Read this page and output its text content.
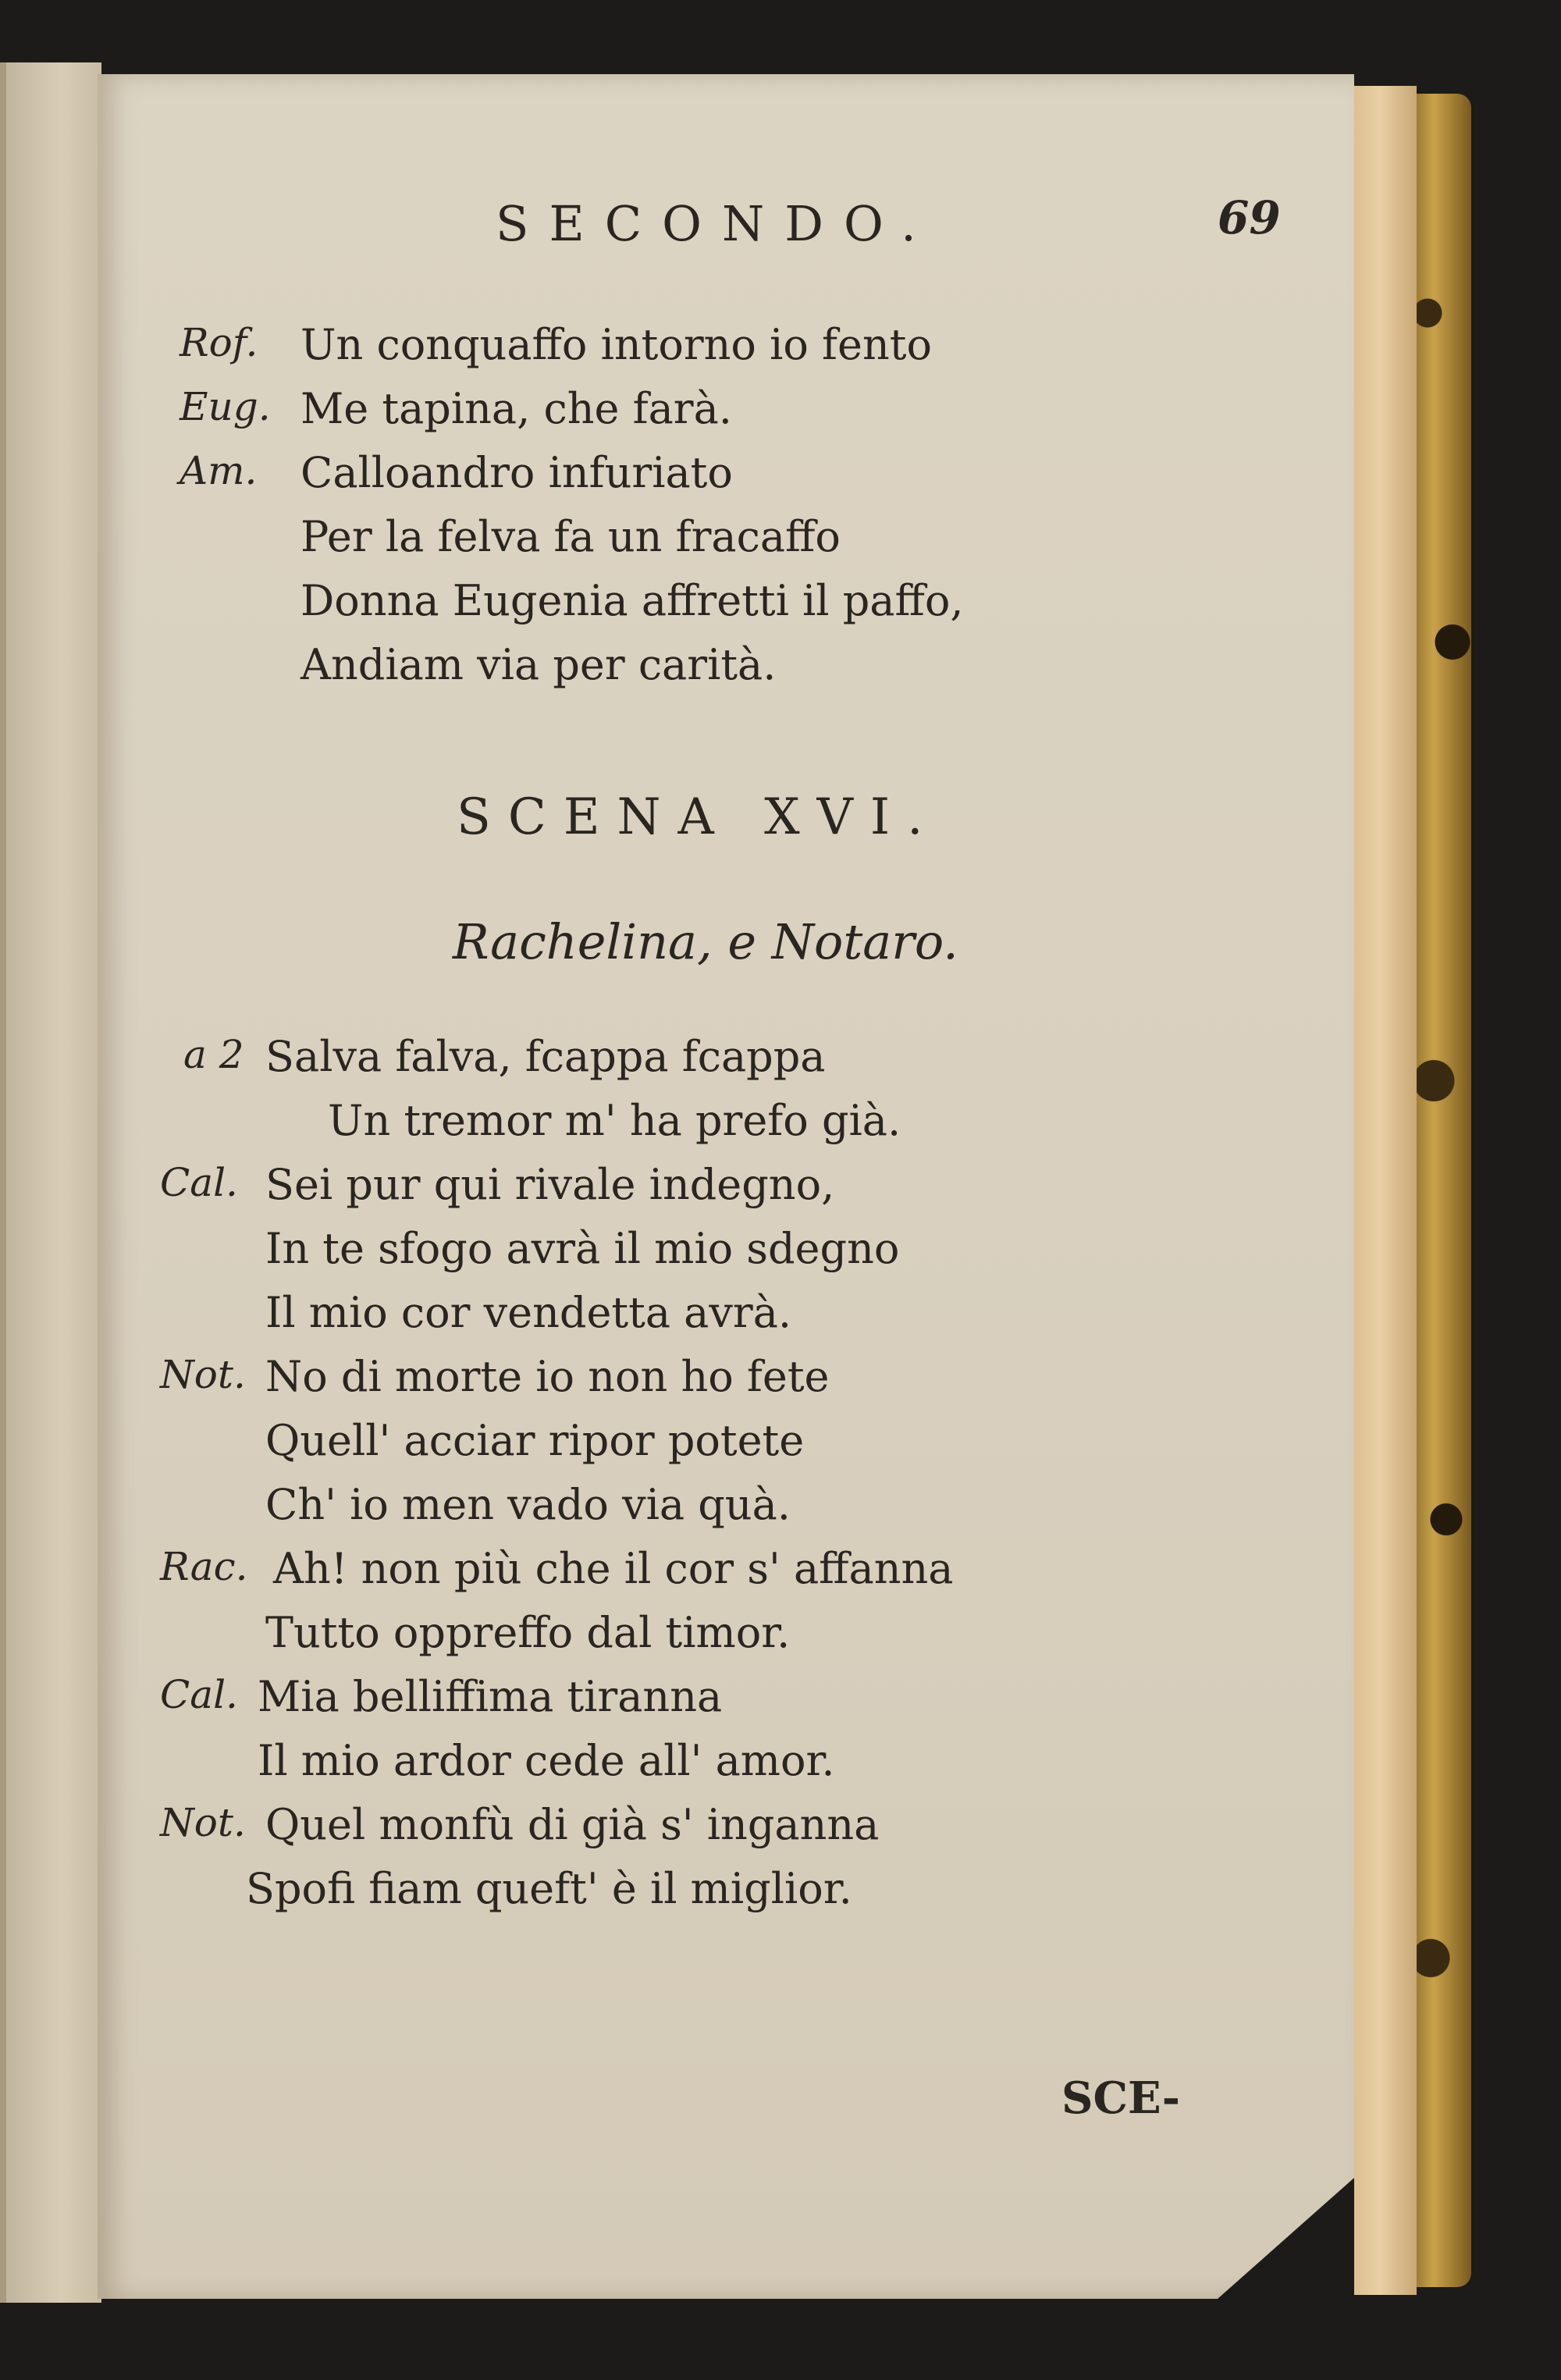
SECONDO.	69
Rof. Un conquaffo intorno io fento
Eug. Me tapina, che farà.
Am. Calloandro infuriato
Per la felva fa un fracaffo
Donna Eugenia affretti il paffo,
Andiam via per carità.
SCENA XVI.
Rachelina, e Notaro.
a 2 Salva falva, fcappa fcappa
Un tremor m' ha prefo già.
Cal. Sei pur qui rivale indegno,
In te sfogo avrà il mio sdegno
Il mio cor vendetta avrà.
Not. No di morte io non ho fete
Quell' acciar ripor potete
Ch' io men vado via quà.
Rac. Ah! non più che il cor s' affanna
Tutto oppreffo dal timor.
Cal. Mia belliffima tiranna
Il mio ardor cede all' amor.
Not. Quel monfù di già s' inganna
Spofi fiam queft' è il miglior.
SCE-
